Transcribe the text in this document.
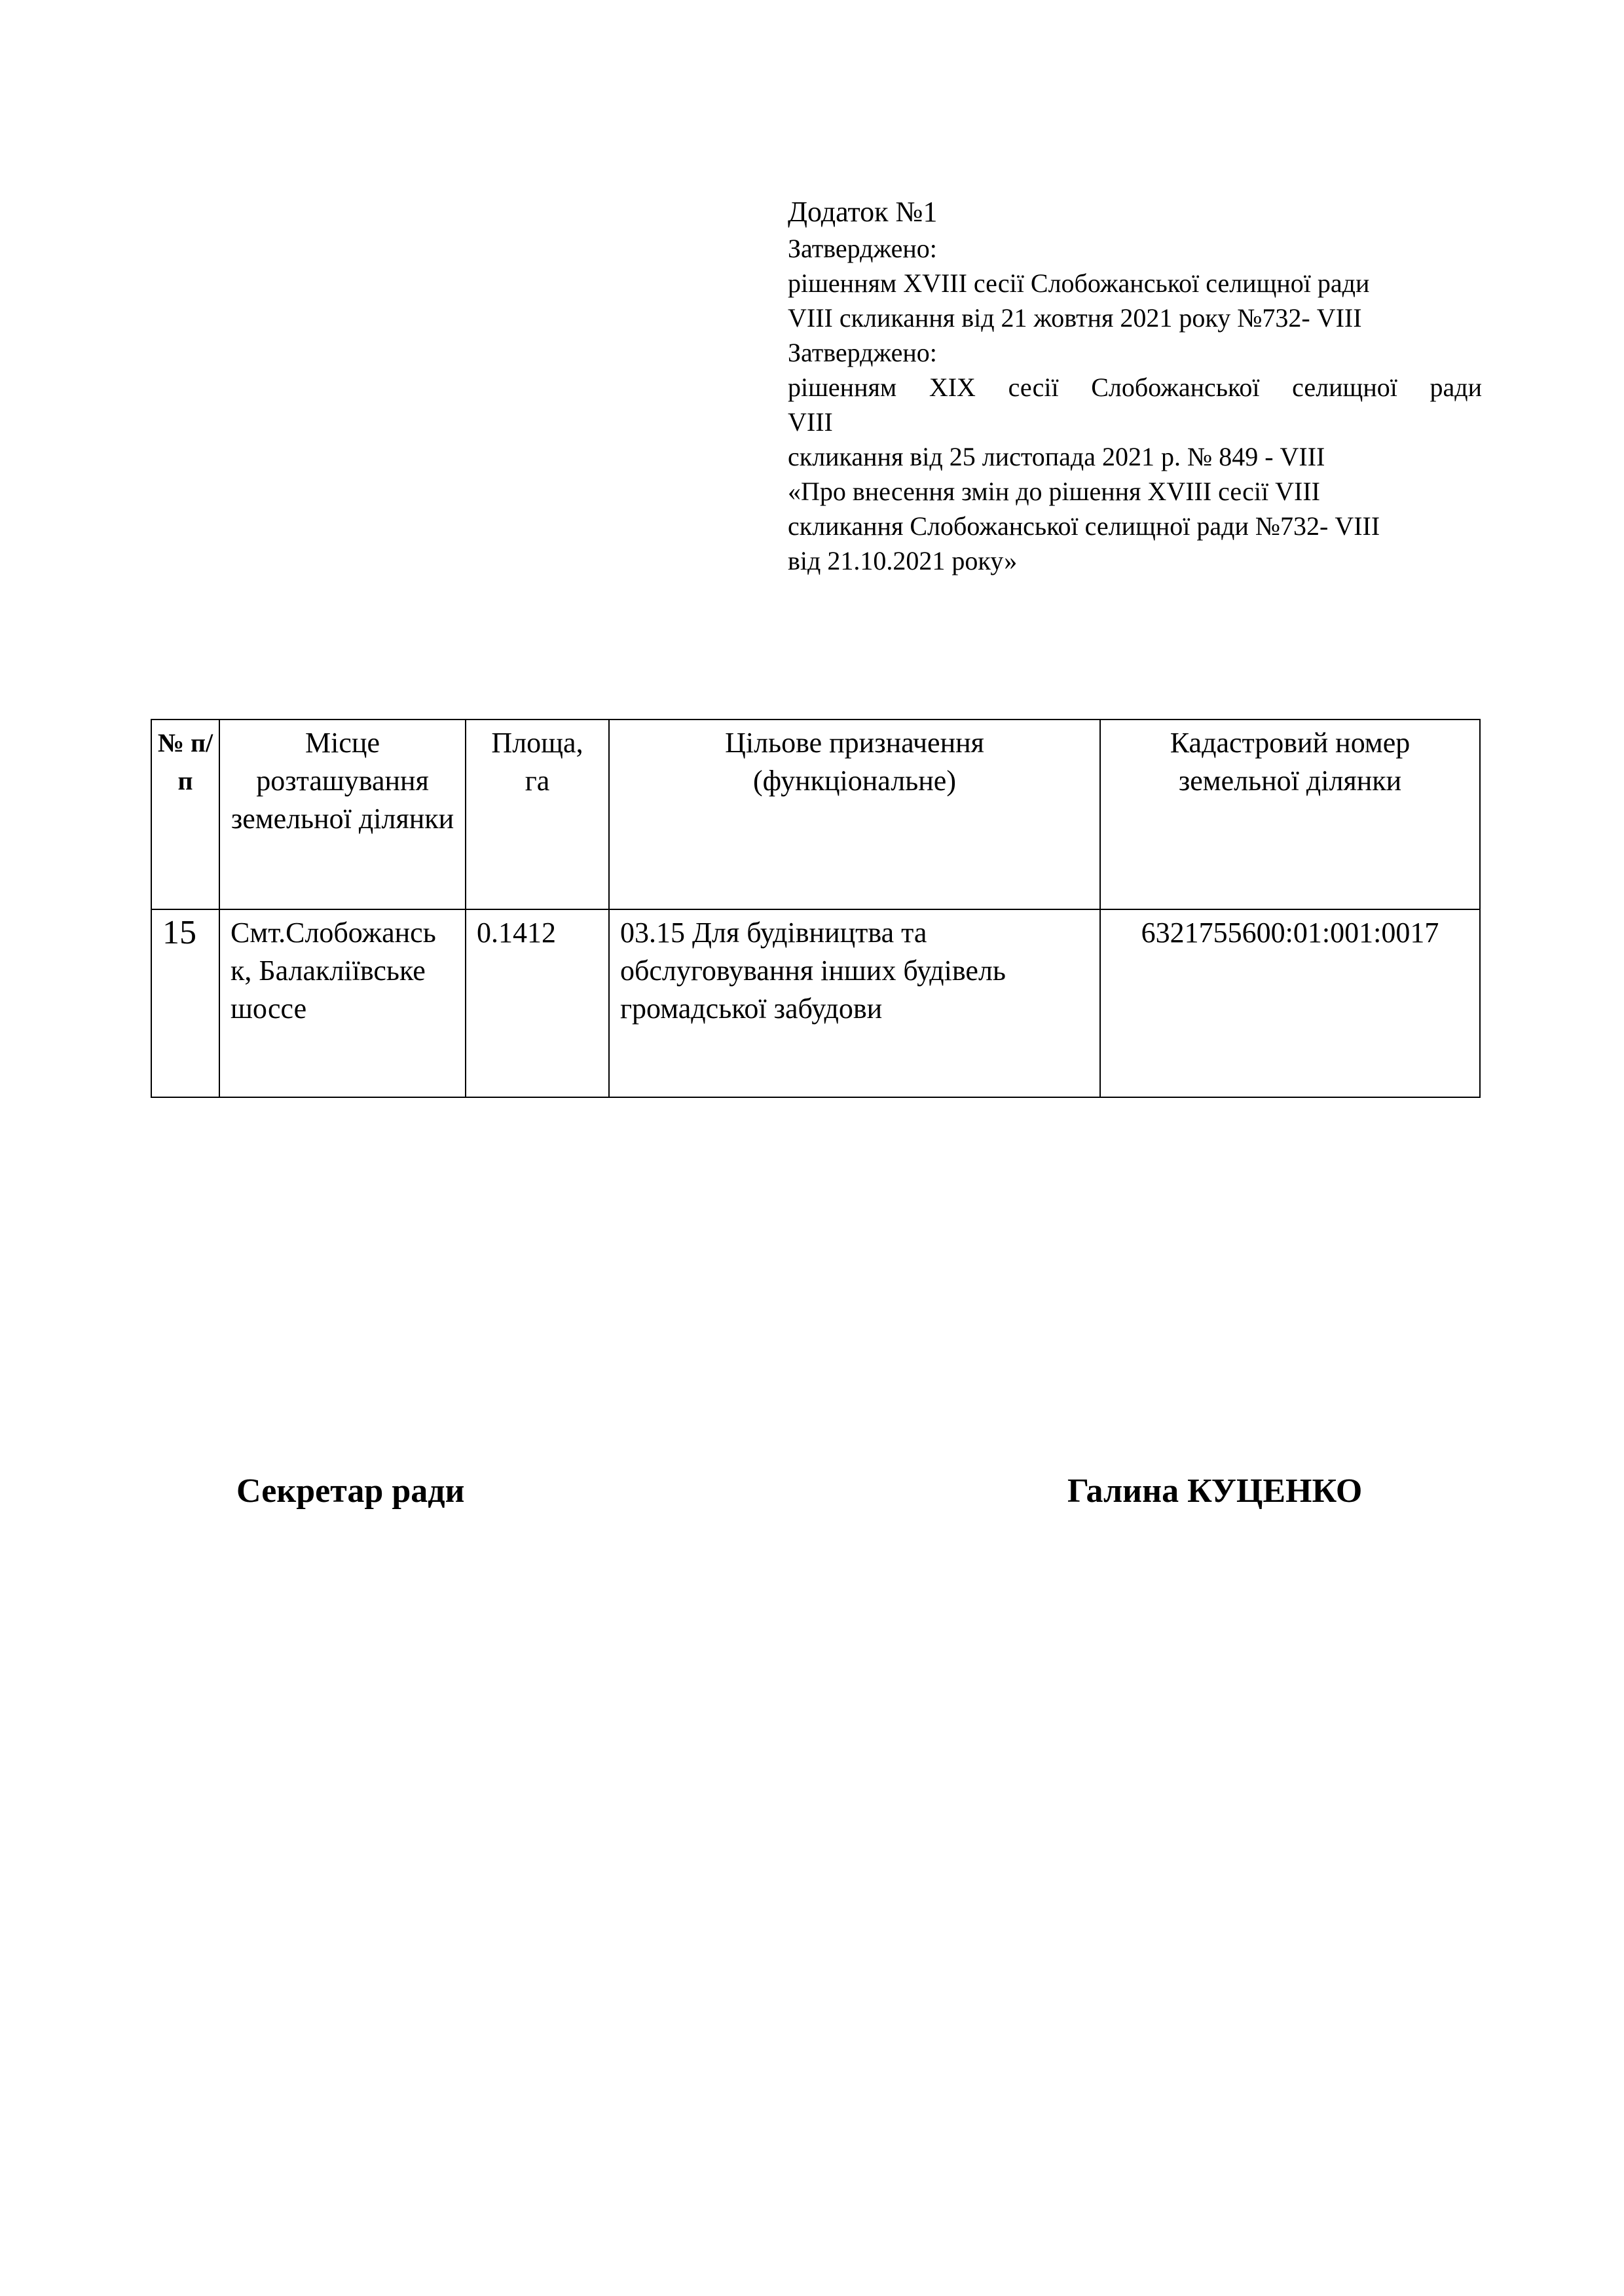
Додаток №1
Затверджено:
рішенням XVIII сесії Слобожанської селищної ради
VIII скликання від 21 жовтня 2021 року №732- VIII
Затверджено:
рішенням XIX сесії Слобожанської селищної ради
VIII
скликання від 25 листопада 2021 р. № 849 - VIII
«Про внесення змін до рішення XVIII сесії VIII
скликання Слобожанської селищної ради №732- VIII
від 21.10.2021 року»
№ п/п	Місце розташування земельної ділянки	Площа, га	Цільове призначення (функціональне)	Кадастровий номер земельної ділянки
15	Смт.Слобожанськ, Балакліївське шоссе	0.1412	03.15 Для будівництва та обслуговування інших будівель громадської забудови	6321755600:01:001:0017
Секретар ради	Галина КУЦЕНКО
